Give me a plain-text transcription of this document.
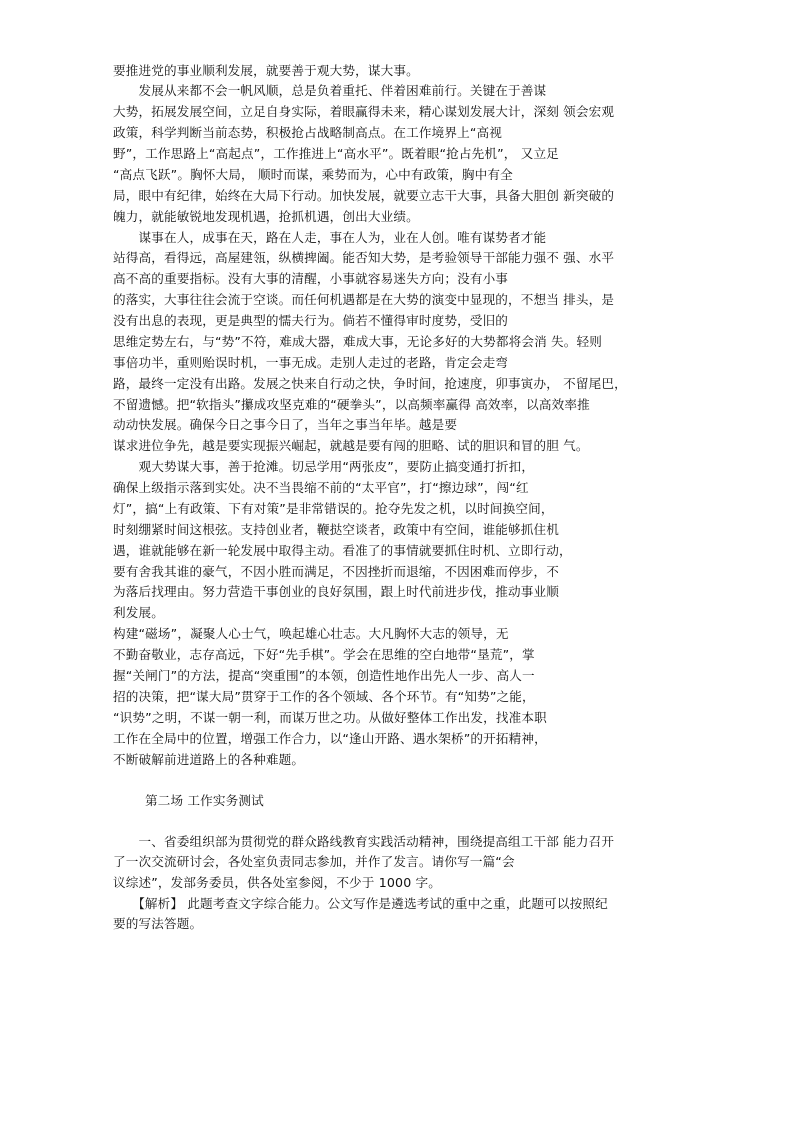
要推进党的事业顺利发展，就要善于观大势，谋大事。

　　发展从来都不会一帆风顺，总是负着重托、伴着困难前行。关键在于善谋

大势，拓展发展空间，立足自身实际，着眼赢得未来，精心谋划发展大计，深刻 领会宏观

政策，科学判断当前态势，积极抢占战略制高点。在工作境界上“高视

野”，工作思路上“高起点”，工作推进上“高水平”。既着眼“抢占先机”， 又立足

“高点飞跃”。胸怀大局， 顺时而谋，乘势而为，心中有政策，胸中有全

局，眼中有纪律，始终在大局下行动。加快发展，就要立志干大事，具备大胆创 新突破的

魄力，就能敏锐地发现机遇，抢抓机遇，创出大业绩。

　　谋事在人，成事在天，路在人走，事在人为，业在人创。唯有谋势者才能

站得高，看得远，高屋建瓴，纵横捭阖。能否知大势，是考验领导干部能力强不 强、水平

高不高的重要指标。没有大事的清醒，小事就容易迷失方向；没有小事

的落实，大事往往会流于空谈。而任何机遇都是在大势的演变中显现的，不想当 排头，是

没有出息的表现，更是典型的懦夫行为。倘若不懂得审时度势，受旧的

思维定势左右，与“势”不符，难成大器，难成大事，无论多好的大势都将会消 失。轻则

事倍功半，重则贻误时机，一事无成。走别人走过的老路，肯定会走弯

路，最终一定没有出路。发展之快来自行动之快，争时间，抢速度，卯事寅办， 不留尾巴，

不留遗憾。把“软指头”攥成攻坚克难的“硬拳头”，以高频率赢得 高效率，以高效率推

动动快发展。确保今日之事今日了，当年之事当年毕。越是要

谋求进位争先，越是要实现振兴崛起，就越是要有闯的胆略、试的胆识和冒的胆 气。

　　观大势谋大事，善于抢滩。切忌学用“两张皮”，要防止搞变通打折扣，

确保上级指示落到实处。决不当畏缩不前的“太平官”，打“擦边球”，闯“红

灯”，搞“上有政策、下有对策”是非常错误的。抢夺先发之机，以时间换空间，

时刻绷紧时间这根弦。支持创业者，鞭挞空谈者，政策中有空间，谁能够抓住机

遇，谁就能够在新一轮发展中取得主动。看准了的事情就要抓住时机、立即行动，

要有舍我其谁的豪气，不因小胜而满足，不因挫折而退缩，不因困难而停步，不

为落后找理由。努力营造干事创业的良好氛围，跟上时代前进步伐，推动事业顺

利发展。

构建“磁场”，凝聚人心士气，唤起雄心壮志。大凡胸怀大志的领导，无

不勤奋敬业，志存高远，下好“先手棋”。学会在思维的空白地带“垦荒”，掌

握“关闸门”的方法，提高“突重围”的本领，创造性地作出先人一步、高人一

招的决策，把“谋大局”贯穿于工作的各个领域、各个环节。有“知势”之能，

“识势”之明，不谋一朝一利，而谋万世之功。从做好整体工作出发，找准本职

工作在全局中的位置，增强工作合力，以“逢山开路、遇水架桥”的开拓精神，

不断破解前进道路上的各种难题。

第二场 工作实务测试

　　一、省委组织部为贯彻党的群众路线教育实践活动精神，围绕提高组工干部 能力召开

了一次交流研讨会，各处室负责同志参加，并作了发言。请你写一篇“会

议综述”，发部务委员，供各处室参阅，不少于 1000 字。

　　【解析】 此题考查文字综合能力。公文写作是遴选考试的重中之重，此题可以按照纪

要的写法答题。
